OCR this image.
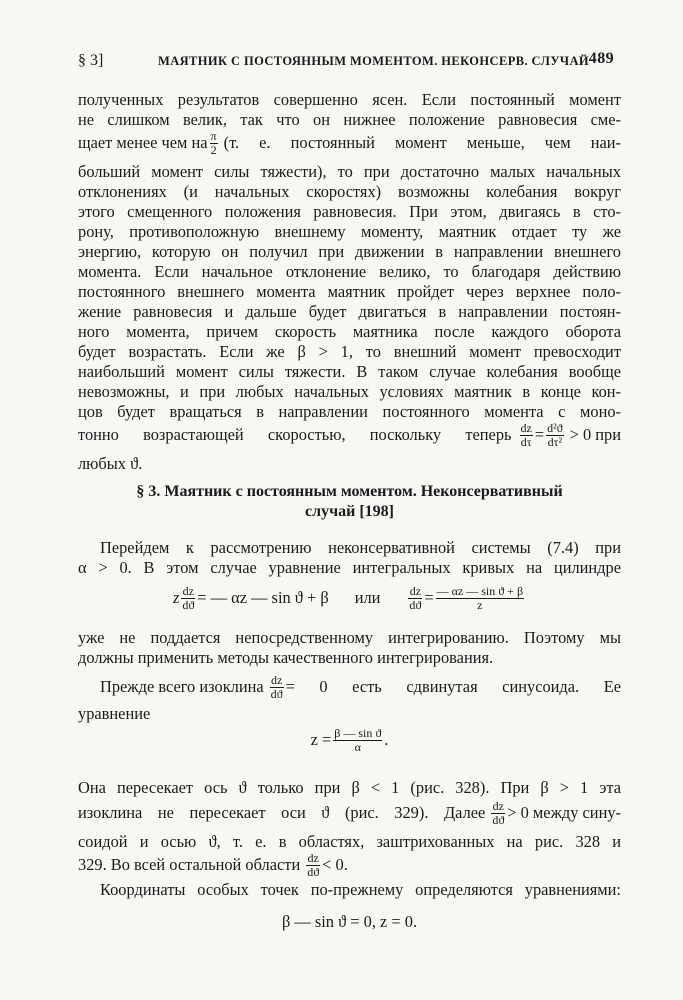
§ 3]	МАЯТНИК С ПОСТОЯННЫМ МОМЕНТОМ. НЕКОНСЕРВ. СЛУЧАЙ 489

полученных результатов совершенно ясен. Если постоянный момент

не слишком велик, так что он нижнее положение равновесия сме-

щает менее чем на $\frac{\pi}{2} (т$. е. постоянный момент меньше, чем наи-

больший момент силы тяжести), то при достаточно малых начальных

отклонениях (и начальных скоростях) возможны колебания вокруг

этого смещенного положения равновесия. При этом, двигаясь в сто-

рону, противоположную внешнему моменту, маятник отдает ту же

энергию, которую он получил при движении в направлении внешнего

момента. Если начальное отклонение велико, то благодаря действию

постоянного внешнего момента маятник пройдет через верхнее поло-

жение равновесия и дальше будет двигаться в направлении постоян-

ного момента, причем скорость маятника после каждого оборота

будет возрастать. Если же β > 1, то внешний момент превосходит

наибольший момент силы тяжести. В таком случае колебания вообще

невозможны, и при любых начальных условиях маятник в конце кон-

цов будет вращаться в направлении постоянного момента с моно-

тонно возрастающей скоростью, поскольку теперь $\frac{dz}{d\tau} = \frac{\text{d²ϑ}}{\text{dτ²}} > 0$ при

любых ϑ.

§ 3. Маятник с постоянным моментом. Неконсервативный

случай [198]

Перейдем к рассмотрению неконсервативной системы (7.4) при

α > 0. В этом случае уравнение интегральных кривых на цилиндре

z $\frac{dz}{dϑ}$ = — αz — sin ϑ + β или $\frac{dz}{dϑ} = \frac{\text{— αz — sin ϑ + β}}{z}$

уже не поддается непосредственному интегрированию. Поэтому мы

должны применить методы качественного интегрирования.

Прежде всего изоклина $\frac{dz}{dϑ} = 0$ есть сдвинутая синусоида. Ее

уравнение

$z = \frac{\text{β — sin ϑ}}{\alpha}$ .

Она пересекает ось ϑ только при β < 1 (рис. 328). При β > 1 эта

изоклина не пересекает оси ϑ (рис. 329). Далее $\frac{dz}{dϑ} > 0$ между сину-

соидой и осью ϑ, т. е. в областях, заштрихованных на рис. 328 и

329. Во всей остальной области $\frac{dz}{dϑ} < 0$.

Координаты особых точек по-прежнему определяются уравнениями:

β — sin ϑ = 0, z = 0.
